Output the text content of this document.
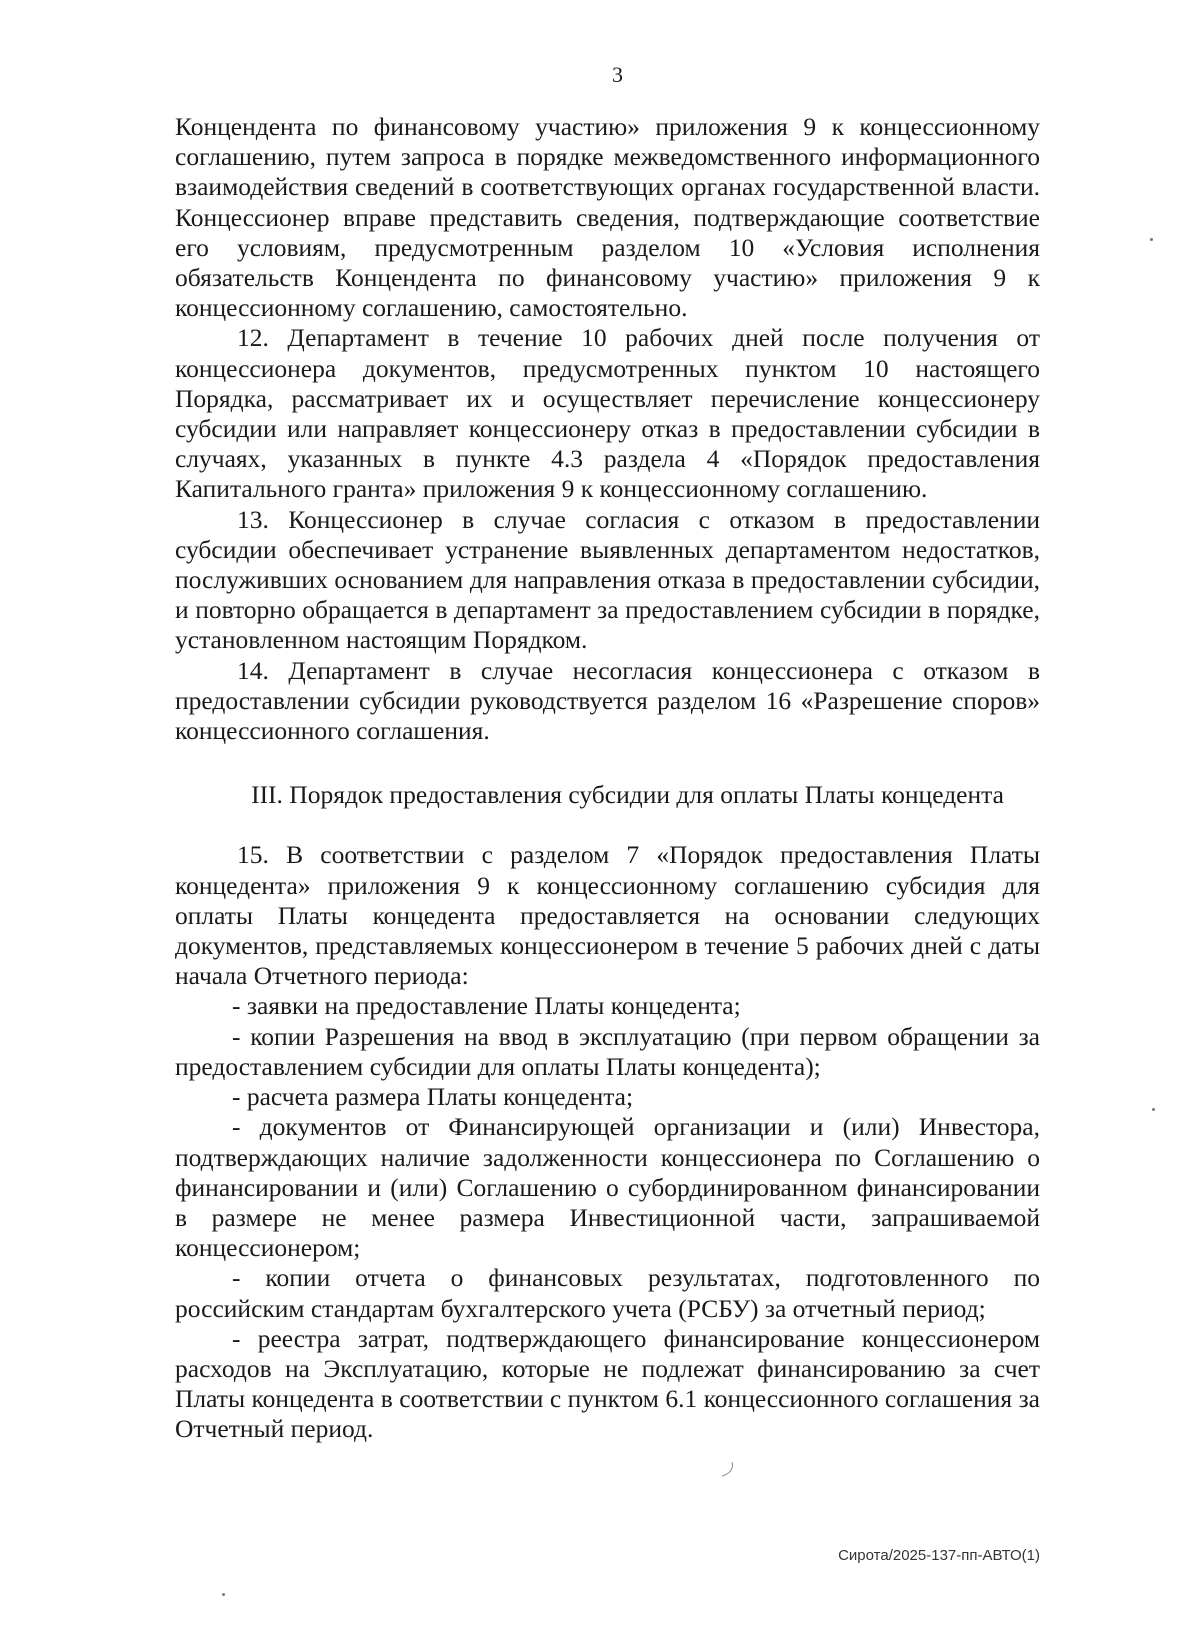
3

Концендента по финансовому участию» приложения 9 к концессионному соглашению, путем запроса в порядке межведомственного информационного взаимодействия сведений в соответствующих органах государственной власти. Концессионер вправе представить сведения, подтверждающие соответствие его условиям, предусмотренным разделом 10 «Условия исполнения обязательств Концендента по финансовому участию» приложения 9 к концессионному соглашению, самостоятельно.

12. Департамент в течение 10 рабочих дней после получения от концессионера документов, предусмотренных пунктом 10 настоящего Порядка, рассматривает их и осуществляет перечисление концессионеру субсидии или направляет концессионеру отказ в предоставлении субсидии в случаях, указанных в пункте 4.3 раздела 4 «Порядок предоставления Капитального гранта» приложения 9 к концессионному соглашению.

13. Концессионер в случае согласия с отказом в предоставлении субсидии обеспечивает устранение выявленных департаментом недостатков, послуживших основанием для направления отказа в предоставлении субсидии, и повторно обращается в департамент за предоставлением субсидии в порядке, установленном настоящим Порядком.

14. Департамент в случае несогласия концессионера с отказом в предоставлении субсидии руководствуется разделом 16 «Разрешение споров» концессионного соглашения.

III. Порядок предоставления субсидии для оплаты Платы концедента

15. В соответствии с разделом 7 «Порядок предоставления Платы концедента» приложения 9 к концессионному соглашению субсидия для оплаты Платы концедента предоставляется на основании следующих документов, представляемых концессионером в течение 5 рабочих дней с даты начала Отчетного периода:

- заявки на предоставление Платы концедента;

- копии Разрешения на ввод в эксплуатацию (при первом обращении за предоставлением субсидии для оплаты Платы концедента);

- расчета размера Платы концедента;

- документов от Финансирующей организации и (или) Инвестора, подтверждающих наличие задолженности концессионера по Соглашению о финансировании и (или) Соглашению о субординированном финансировании в размере не менее размера Инвестиционной части, запрашиваемой концессионером;

- копии отчета о финансовых результатах, подготовленного по российским стандартам бухгалтерского учета (РСБУ) за отчетный период;

- реестра затрат, подтверждающего финансирование концессионером расходов на Эксплуатацию, которые не подлежат финансированию за счет Платы концедента в соответствии с пунктом 6.1 концессионного соглашения за Отчетный период.

Сирота/2025-137-пп-АВТО(1)
